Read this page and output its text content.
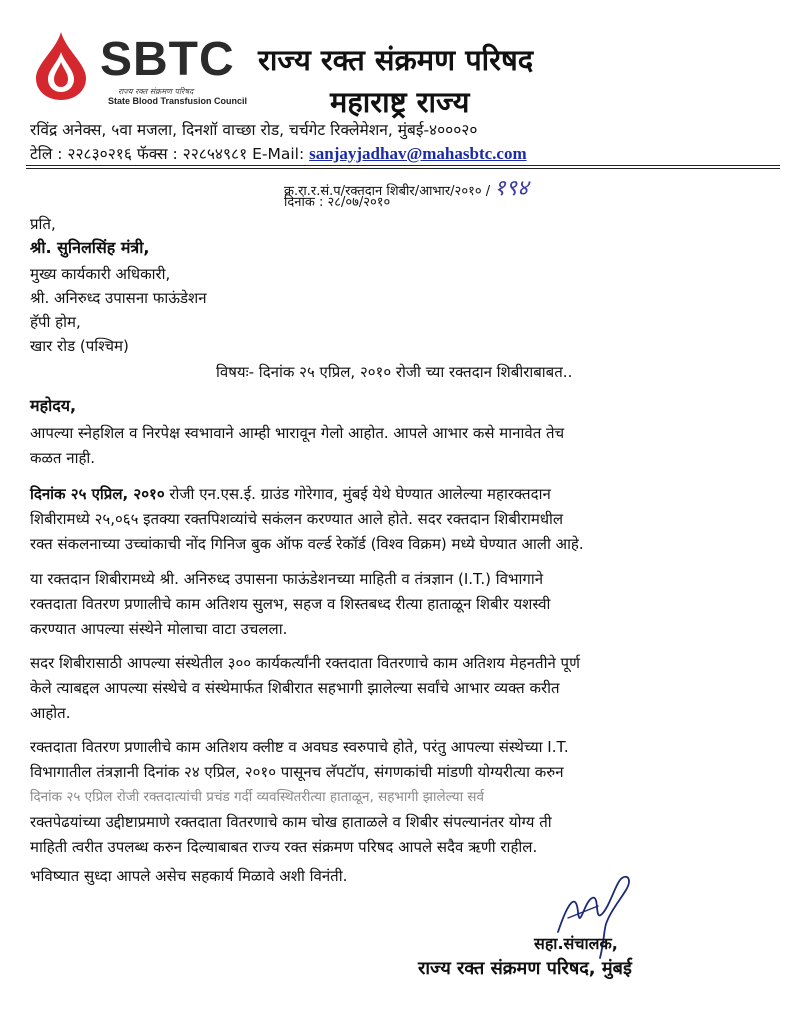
SBTC
राज्य रक्त संक्रमण परिषद
State Blood Transfusion Council
राज्य रक्त संक्रमण परिषद
महाराष्ट्र राज्य
रविंद्र अनेक्स, ५वा मजला, दिनशॉ वाच्छा रोड, चर्चगेट रिक्लेमेशन, मुंबई-४०००२०
टेलि : २२८३०२१६ फॅक्स : २२८५४९८१ E-Mail: sanjayjadhav@mahasbtc.com
क्र.रा.र.सं.प/रक्तदान शिबीर/आभार/२०१० / १९४
दिनांक : २८/०७/२०१०
प्रति,
श्री. सुनिलसिंह मंत्री,
मुख्य कार्यकारी अधिकारी,
श्री. अनिरुध्द उपासना फाऊंडेशन
हॅपी होम,
खार रोड (पश्चिम)
विषयः- दिनांक २५ एप्रिल, २०१० रोजी च्या रक्तदान शिबीराबाबत..
महोदय,
आपल्या स्नेहशिल व निरपेक्ष स्वभावाने आम्ही भारावून गेलो आहोत. आपले आभार कसे मानावेत तेच
कळत नाही.
दिनांक २५ एप्रिल, २०१० रोजी एन.एस.ई. ग्राउंड गोरेगाव, मुंबई येथे घेण्यात आलेल्या महारक्तदान
शिबीरामध्ये २५,०६५ इतक्या रक्तपिशव्यांचे सकंलन करण्यात आले होते. सदर रक्तदान शिबीरामधील
रक्त संकलनाच्या उच्चांकाची नोंद गिनिज बुक ऑफ वर्ल्ड रेकॉर्ड (विश्व विक्रम) मध्ये घेण्यात आली आहे.
या रक्तदान शिबीरामध्ये श्री. अनिरुध्द उपासना फाऊंडेशनच्या माहिती व तंत्रज्ञान (I.T.) विभागाने
रक्तदाता वितरण प्रणालीचे काम अतिशय सुलभ, सहज व शिस्तबध्द रीत्या हाताळून शिबीर यशस्वी
करण्यात आपल्या संस्थेने मोलाचा वाटा उचलला.
सदर शिबीरासाठी आपल्या संस्थेतील ३०० कार्यकर्त्यांनी रक्तदाता वितरणाचे काम अतिशय मेहनतीने पूर्ण
केले त्याबद्दल आपल्या संस्थेचे व संस्थेमार्फत शिबीरात सहभागी झालेल्या सर्वांचे आभार व्यक्त करीत
आहोत.
रक्तदाता वितरण प्रणालीचे काम अतिशय क्लीष्ट व अवघड स्वरुपाचे होते, परंतु आपल्या संस्थेच्या I.T.
विभागातील तंत्रज्ञानी दिनांक २४ एप्रिल, २०१० पासूनच लॅपटॉप, संगणकांची मांडणी योग्यरीत्या करुन
दिनांक २५ एप्रिल रोजी रक्तदात्यांची प्रचंड गर्दी व्यवस्थितरीत्या हाताळून, सहभागी झालेल्या सर्व
रक्तपेढयांच्या उद्दीष्टाप्रमाणे रक्तदाता वितरणाचे काम चोख हाताळले व शिबीर संपल्यानंतर योग्य ती
माहिती त्वरीत उपलब्ध करुन दिल्याबाबत राज्य रक्त संक्रमण परिषद आपले सदैव ऋणी राहील.
भविष्यात सुध्दा आपले असेच सहकार्य मिळावे अशी विनंती.
सहा.संचालक,
राज्य रक्त संक्रमण परिषद, मुंबई
